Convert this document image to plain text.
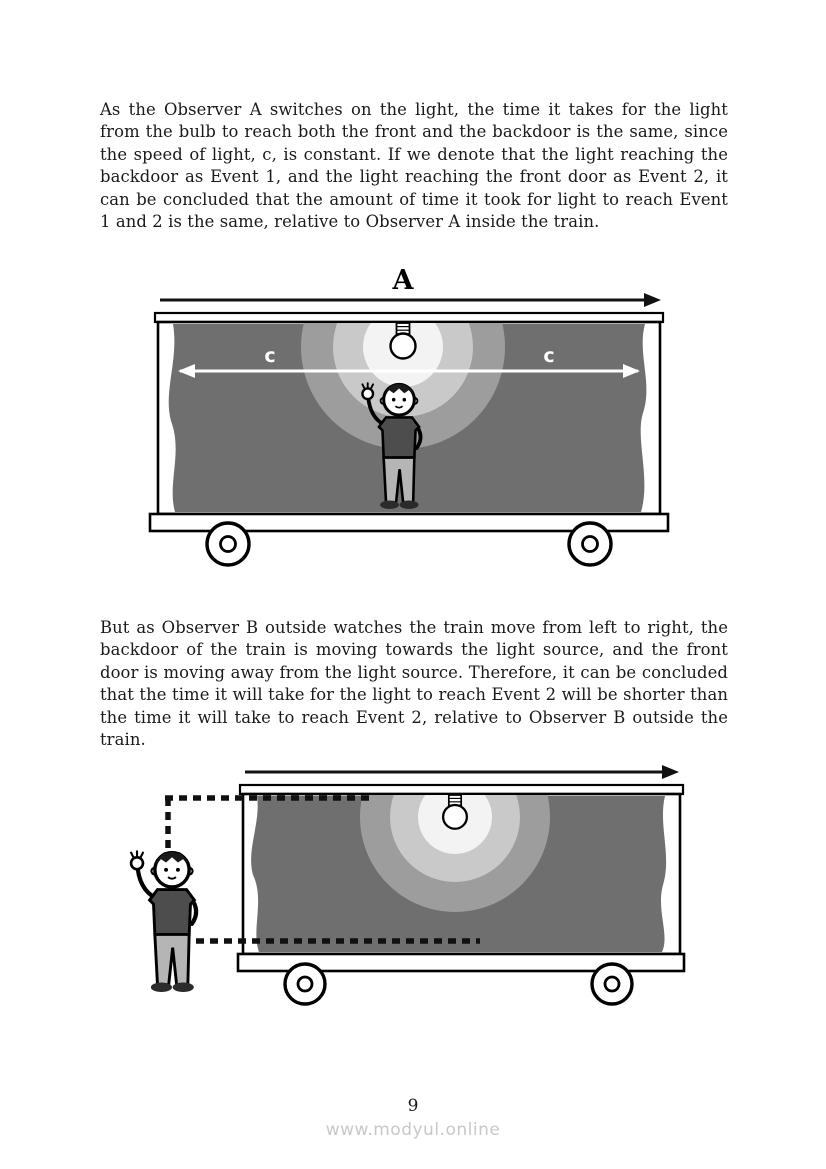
As the Observer A switches on the light, the time it takes for the light from the bulb to reach both the front and the backdoor is the same, since the speed of light, c, is constant. If we denote that the light reaching the backdoor as Event 1, and the light reaching the front door as Event 2, it can be concluded that the amount of time it took for light to reach Event 1 and 2 is the same, relative to Observer A inside the train.

A
c	c

But as Observer B outside watches the train move from left to right, the backdoor of the train is moving towards the light source, and the front door is moving away from the light source. Therefore, it can be concluded that the time it will take for the light to reach Event 2 will be shorter than the time it will take to reach Event 2, relative to Observer B outside the train.

9
www.modyul.online
